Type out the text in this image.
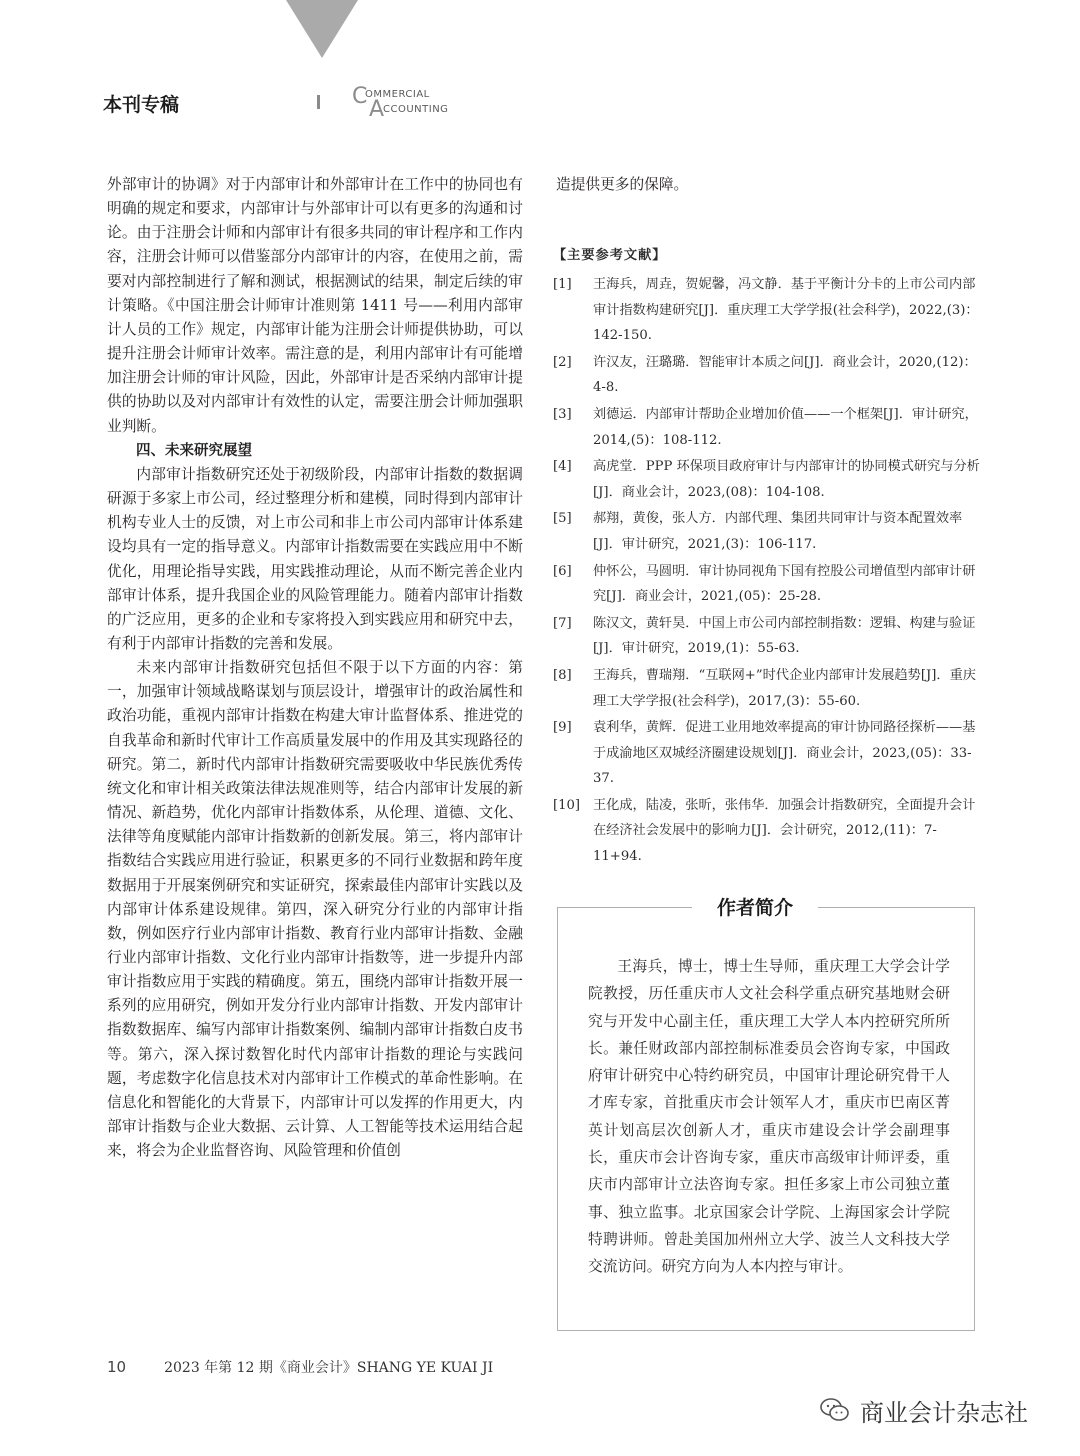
本刊专稿	C
OMMERCIAL
A
CCOUNTING

外部审计的协调》对于内部审计和外部审计在工作中的协同也有明确的规定和要求，内部审计与外部审计可以有更多的沟通和讨论。由于注册会计师和内部审计有很多共同的审计程序和工作内容，注册会计师可以借鉴部分内部审计的内容，在使用之前，需要对内部控制进行了解和测试，根据测试的结果，制定后续的审计策略。《中国注册会计师审计准则第 1411 号——利用内部审计人员的工作》规定，内部审计能为注册会计师提供协助，可以提升注册会计师审计效率。需注意的是，利用内部审计有可能增加注册会计师的审计风险，因此，外部审计是否采纳内部审计提供的协助以及对内部审计有效性的认定，需要注册会计师加强职业判断。

四、未来研究展望

内部审计指数研究还处于初级阶段，内部审计指数的数据调研源于多家上市公司，经过整理分析和建模，同时得到内部审计机构专业人士的反馈，对上市公司和非上市公司内部审计体系建设均具有一定的指导意义。内部审计指数需要在实践应用中不断优化，用理论指导实践，用实践推动理论，从而不断完善企业内部审计体系，提升我国企业的风险管理能力。随着内部审计指数的广泛应用，更多的企业和专家将投入到实践应用和研究中去，有利于内部审计指数的完善和发展。

未来内部审计指数研究包括但不限于以下方面的内容：第一，加强审计领域战略谋划与顶层设计，增强审计的政治属性和政治功能，重视内部审计指数在构建大审计监督体系、推进党的自我革命和新时代审计工作高质量发展中的作用及其实现路径的研究。第二，新时代内部审计指数研究需要吸收中华民族优秀传统文化和审计相关政策法律法规准则等，结合内部审计发展的新情况、新趋势，优化内部审计指数体系，从伦理、道德、文化、法律等角度赋能内部审计指数新的创新发展。第三，将内部审计指数结合实践应用进行验证，积累更多的不同行业数据和跨年度数据用于开展案例研究和实证研究，探索最佳内部审计实践以及内部审计体系建设规律。第四，深入研究分行业的内部审计指数，例如医疗行业内部审计指数、教育行业内部审计指数、金融行业内部审计指数、文化行业内部审计指数等，进一步提升内部审计指数应用于实践的精确度。第五，围绕内部审计指数开展一系列的应用研究，例如开发分行业内部审计指数、开发内部审计指数数据库、编写内部审计指数案例、编制内部审计指数白皮书等。第六，深入探讨数智化时代内部审计指数的理论与实践问题，考虑数字化信息技术对内部审计工作模式的革命性影响。在信息化和智能化的大背景下，内部审计可以发挥的作用更大，内部审计指数与企业大数据、云计算、人工智能等技术运用结合起来，将会为企业监督咨询、风险管理和价值创

造提供更多的保障。
【主要参考文献】
[1] 王海兵，周垚，贺妮馨，冯文静．基于平衡计分卡的上市公司内部审计指数构建研究[J]．重庆理工大学学报(社会科学)，2022,(3)：142-150.
[2] 许汉友，汪璐璐．智能审计本质之问[J]．商业会计，2020,(12)：4-8.
[3] 刘德运．内部审计帮助企业增加价值——一个框架[J]．审计研究，2014,(5)：108-112.
[4] 高虎堂．PPP 环保项目政府审计与内部审计的协同模式研究与分析[J]．商业会计，2023,(08)：104-108.
[5] 郝翔，黄俊，张人方．内部代理、集团共同审计与资本配置效率[J]．审计研究，2021,(3)：106-117.
[6] 仲怀公，马圆明．审计协同视角下国有控股公司增值型内部审计研究[J]．商业会计，2021,(05)：25-28.
[7] 陈汉文，黄轩昊．中国上市公司内部控制指数：逻辑、构建与验证[J]．审计研究，2019,(1)：55-63.
[8] 王海兵，曹瑞翔．“互联网+”时代企业内部审计发展趋势[J]．重庆理工大学学报(社会科学)，2017,(3)：55-60.
[9] 袁利华，黄辉．促进工业用地效率提高的审计协同路径探析——基于成渝地区双城经济圈建设规划[J]．商业会计，2023,(05)：33-37.
[10] 王化成，陆凌，张昕，张伟华．加强会计指数研究，全面提升会计在经济社会发展中的影响力[J]．会计研究，2012,(11)：7-11+94.
作者简介

王海兵，博士，博士生导师，重庆理工大学会计学院教授，历任重庆市人文社会科学重点研究基地财会研究与开发中心副主任，重庆理工大学人本内控研究所所长。兼任财政部内部控制标准委员会咨询专家，中国政府审计研究中心特约研究员，中国审计理论研究骨干人才库专家，首批重庆市会计领军人才，重庆市巴南区菁英计划高层次创新人才，重庆市建设会计学会副理事长，重庆市会计咨询专家，重庆市高级审计师评委，重庆市内部审计立法咨询专家。担任多家上市公司独立董事、独立监事。北京国家会计学院、上海国家会计学院特聘讲师。曾赴美国加州州立大学、波兰人文科技大学交流访问。研究方向为人本内控与审计。

10	2023 年第 12 期《商业会计》SHANG YE KUAI JI
商业会计杂志社
